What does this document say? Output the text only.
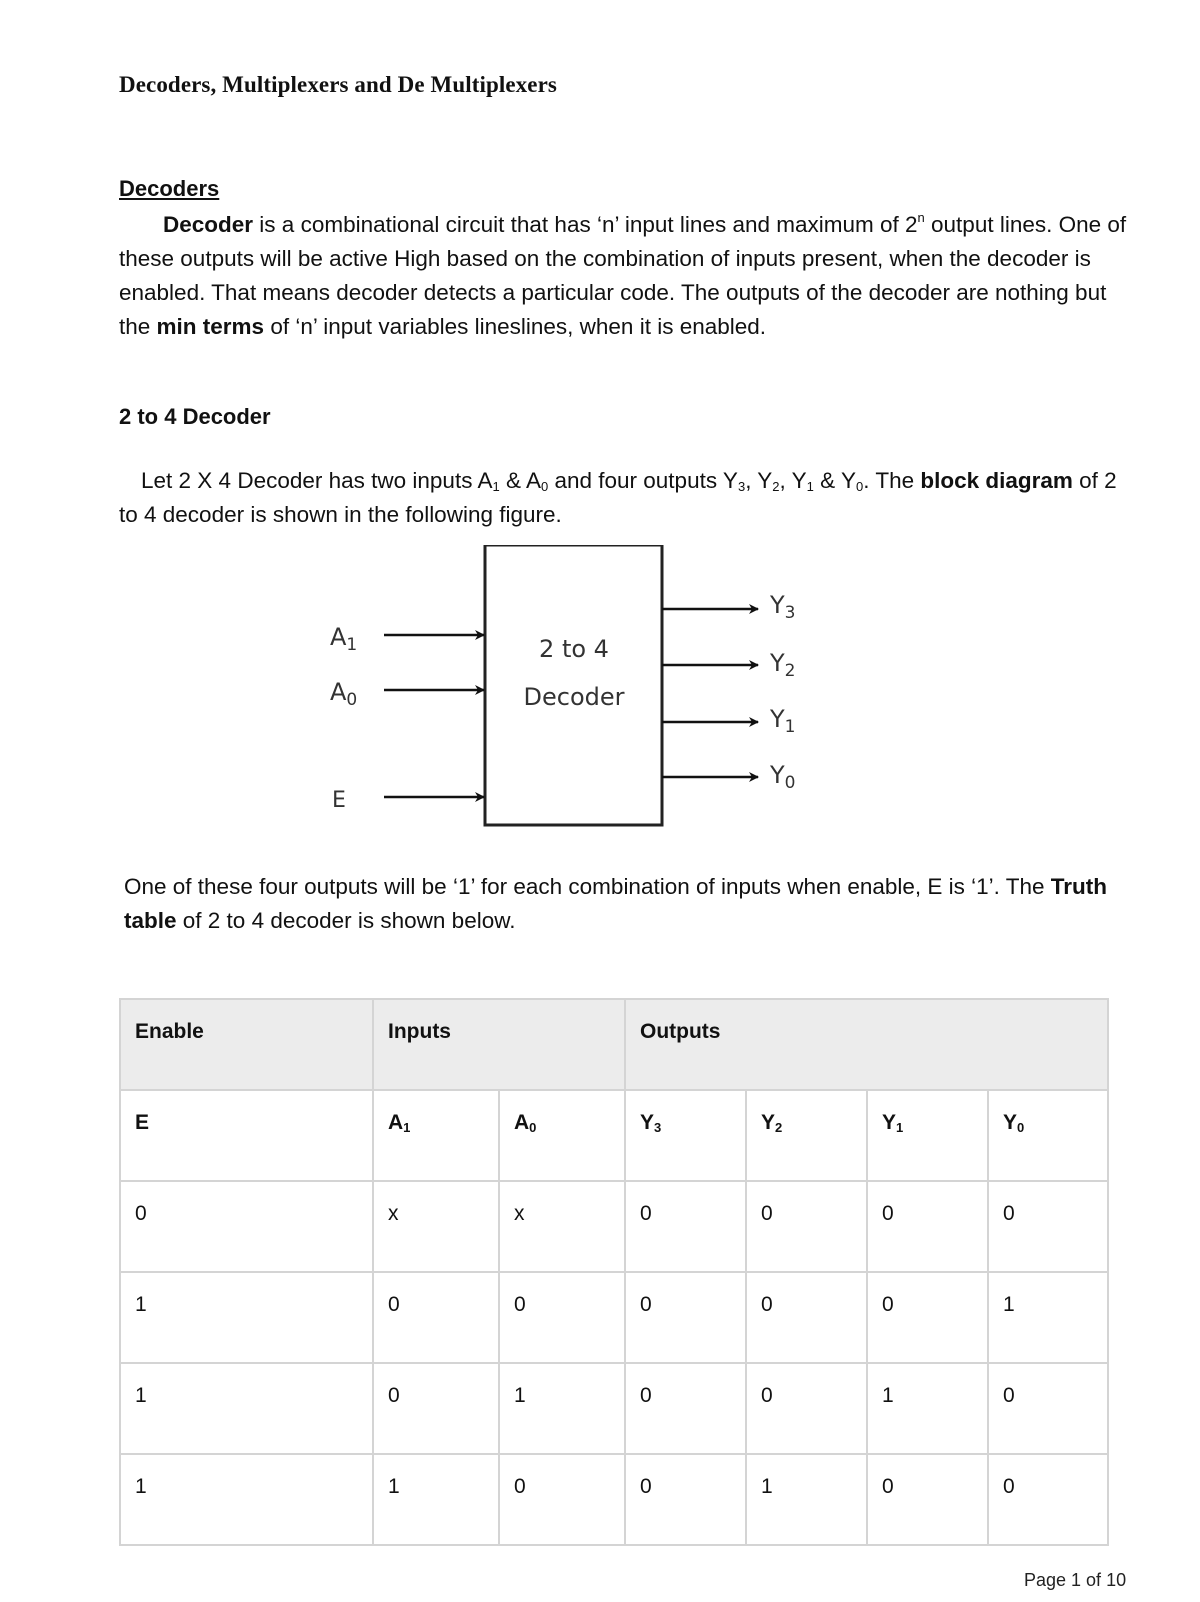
Decoders, Multiplexers and De Multiplexers
Decoders

Decoder is a combinational circuit that has ‘n’ input lines and maximum of 2$^n$ output lines. One of these outputs will be active High based on the combination of inputs present, when the decoder is enabled. That means decoder detects a particular code. The outputs of the decoder are nothing but the min terms of ‘n’ input variables lineslines, when it is enabled.

2 to 4 Decoder

Let 2 X 4 Decoder has two inputs $A_1$ & $A_0$ and four outputs $Y_3$, $Y_2$, $Y_1$ & $Y_0$. The block diagram of 2 to 4 decoder is shown in the following figure.

2 to 4
Decoder
$A_1$
$A_0$
E
$Y_3$
$Y_2$
$Y_1$
$Y_0$

One of these four outputs will be ‘1’ for each combination of inputs when enable, E is ‘1’. The Truth table of 2 to 4 decoder is shown below.

Enable	Inputs		Outputs			
E	$A_1$	$A_0$	$Y_3$	$Y_2$	$Y_1$	$Y_0$
0	x	x	0	0	0	0
1	0	0	0	0	0	1
1	0	1	0	0	1	0
1	1	0	0	1	0	0
Page 1 of 10
